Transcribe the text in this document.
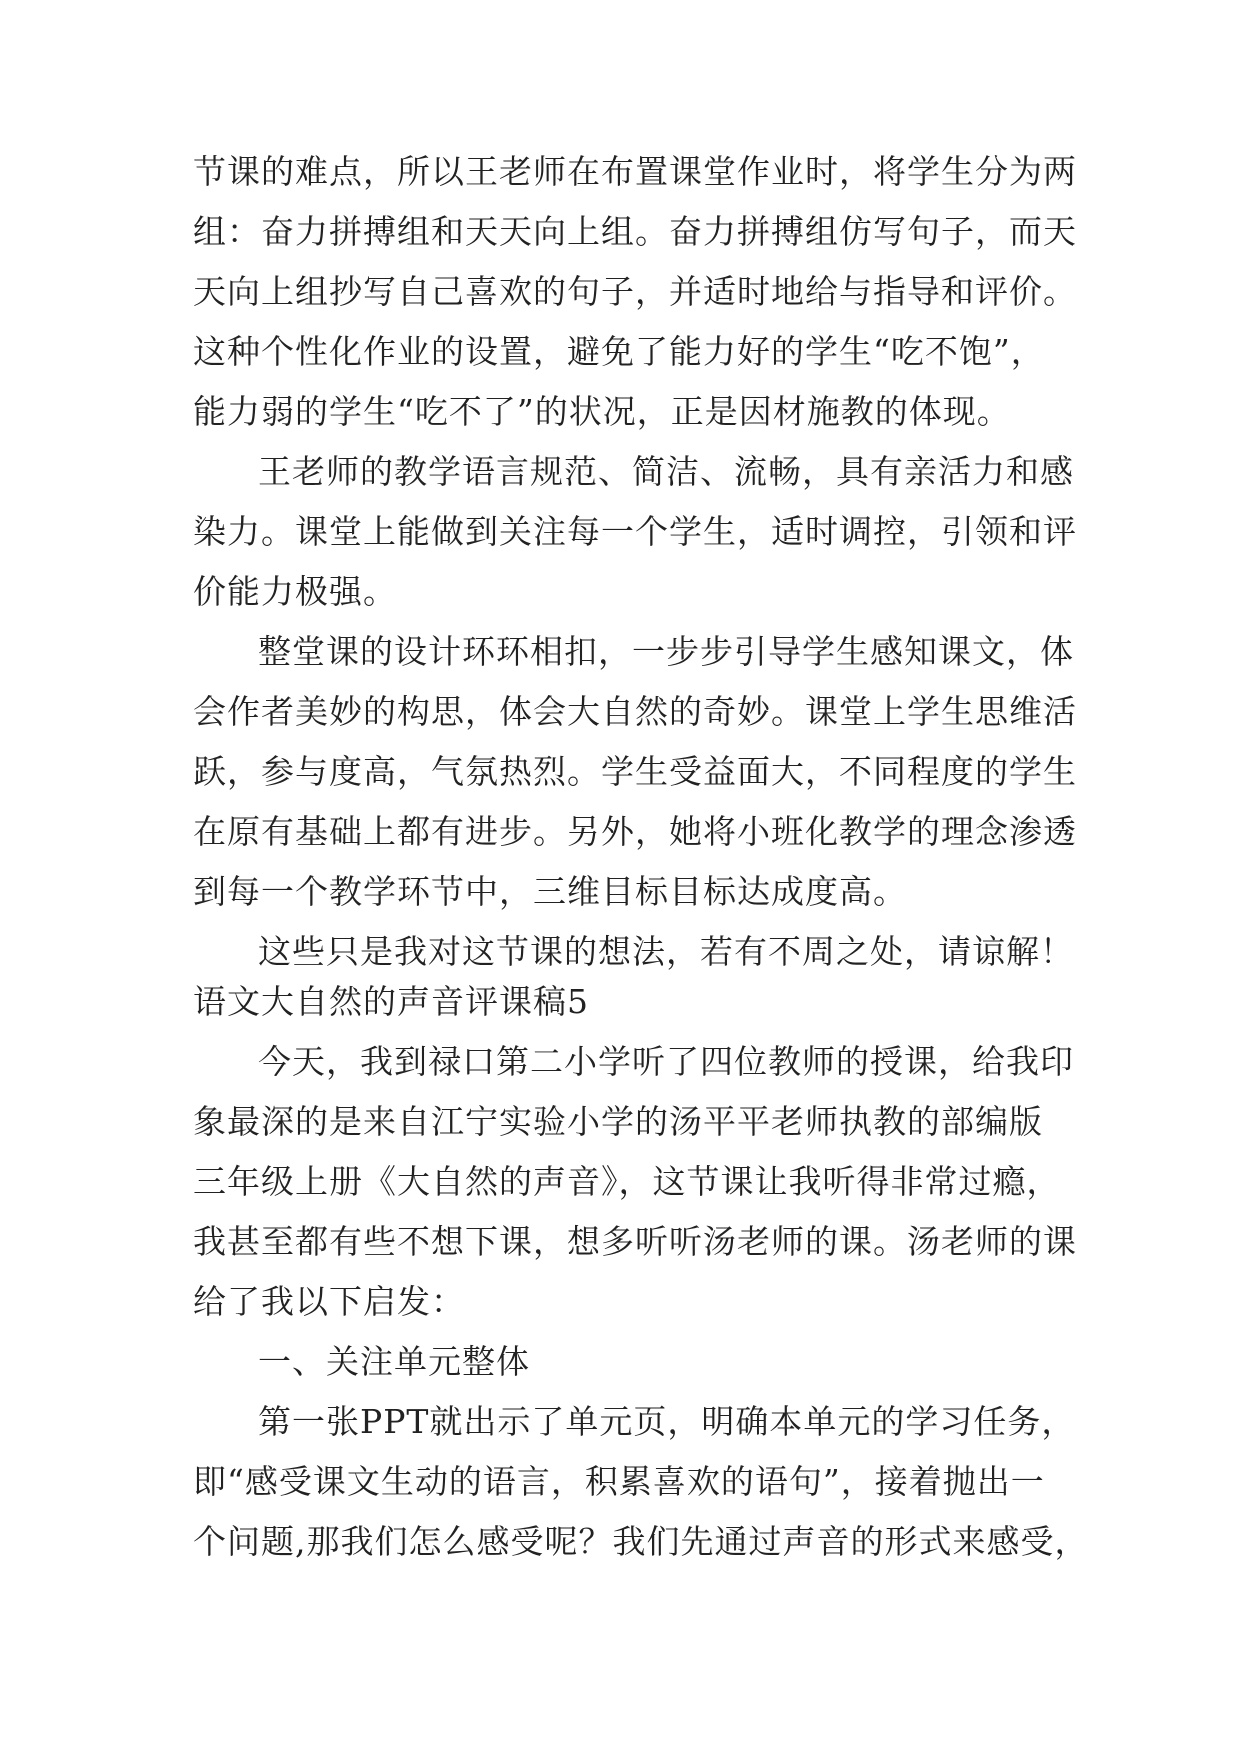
节课的难点，所以王老师在布置课堂作业时，将学生分为两
组：奋力拼搏组和天天向上组。奋力拼搏组仿写句子，而天
天向上组抄写自己喜欢的句子，并适时地给与指导和评价。
这种个性化作业的设置，避免了能力好的学生“吃不饱”，
能力弱的学生“吃不了”的状况，正是因材施教的体现。
王老师的教学语言规范、简洁、流畅，具有亲活力和感
染力。课堂上能做到关注每一个学生，适时调控，引领和评
价能力极强。
整堂课的设计环环相扣，一步步引导学生感知课文，体
会作者美妙的构思，体会大自然的奇妙。课堂上学生思维活
跃，参与度高，气氛热烈。学生受益面大，不同程度的学生
在原有基础上都有进步。另外，她将小班化教学的理念渗透
到每一个教学环节中，三维目标目标达成度高。
这些只是我对这节课的想法，若有不周之处，请谅解！
语文大自然的声音评课稿5
今天，我到禄口第二小学听了四位教师的授课，给我印
象最深的是来自江宁实验小学的汤平平老师执教的部编版
三年级上册《大自然的声音》，这节课让我听得非常过瘾，
我甚至都有些不想下课，想多听听汤老师的课。汤老师的课
给了我以下启发：
一、关注单元整体
第一张PPT就出示了单元页，明确本单元的学习任务，
即“感受课文生动的语言，积累喜欢的语句”，接着抛出一
个问题,那我们怎么感受呢？我们先通过声音的形式来感受，
